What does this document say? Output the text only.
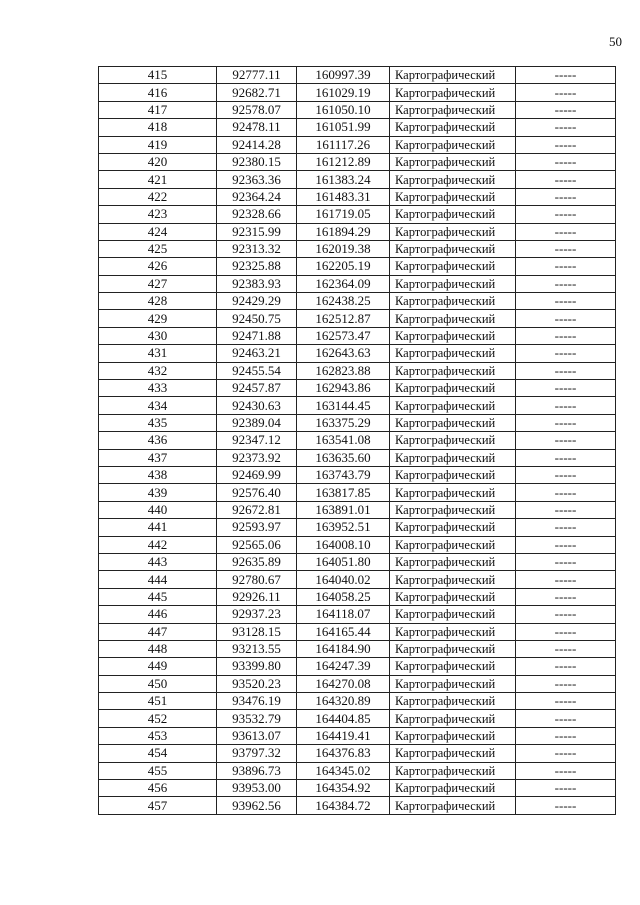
50
415	92777.11	160997.39	Картографический	-----
416	92682.71	161029.19	Картографический	-----
417	92578.07	161050.10	Картографический	-----
418	92478.11	161051.99	Картографический	-----
419	92414.28	161117.26	Картографический	-----
420	92380.15	161212.89	Картографический	-----
421	92363.36	161383.24	Картографический	-----
422	92364.24	161483.31	Картографический	-----
423	92328.66	161719.05	Картографический	-----
424	92315.99	161894.29	Картографический	-----
425	92313.32	162019.38	Картографический	-----
426	92325.88	162205.19	Картографический	-----
427	92383.93	162364.09	Картографический	-----
428	92429.29	162438.25	Картографический	-----
429	92450.75	162512.87	Картографический	-----
430	92471.88	162573.47	Картографический	-----
431	92463.21	162643.63	Картографический	-----
432	92455.54	162823.88	Картографический	-----
433	92457.87	162943.86	Картографический	-----
434	92430.63	163144.45	Картографический	-----
435	92389.04	163375.29	Картографический	-----
436	92347.12	163541.08	Картографический	-----
437	92373.92	163635.60	Картографический	-----
438	92469.99	163743.79	Картографический	-----
439	92576.40	163817.85	Картографический	-----
440	92672.81	163891.01	Картографический	-----
441	92593.97	163952.51	Картографический	-----
442	92565.06	164008.10	Картографический	-----
443	92635.89	164051.80	Картографический	-----
444	92780.67	164040.02	Картографический	-----
445	92926.11	164058.25	Картографический	-----
446	92937.23	164118.07	Картографический	-----
447	93128.15	164165.44	Картографический	-----
448	93213.55	164184.90	Картографический	-----
449	93399.80	164247.39	Картографический	-----
450	93520.23	164270.08	Картографический	-----
451	93476.19	164320.89	Картографический	-----
452	93532.79	164404.85	Картографический	-----
453	93613.07	164419.41	Картографический	-----
454	93797.32	164376.83	Картографический	-----
455	93896.73	164345.02	Картографический	-----
456	93953.00	164354.92	Картографический	-----
457	93962.56	164384.72	Картографический	-----
